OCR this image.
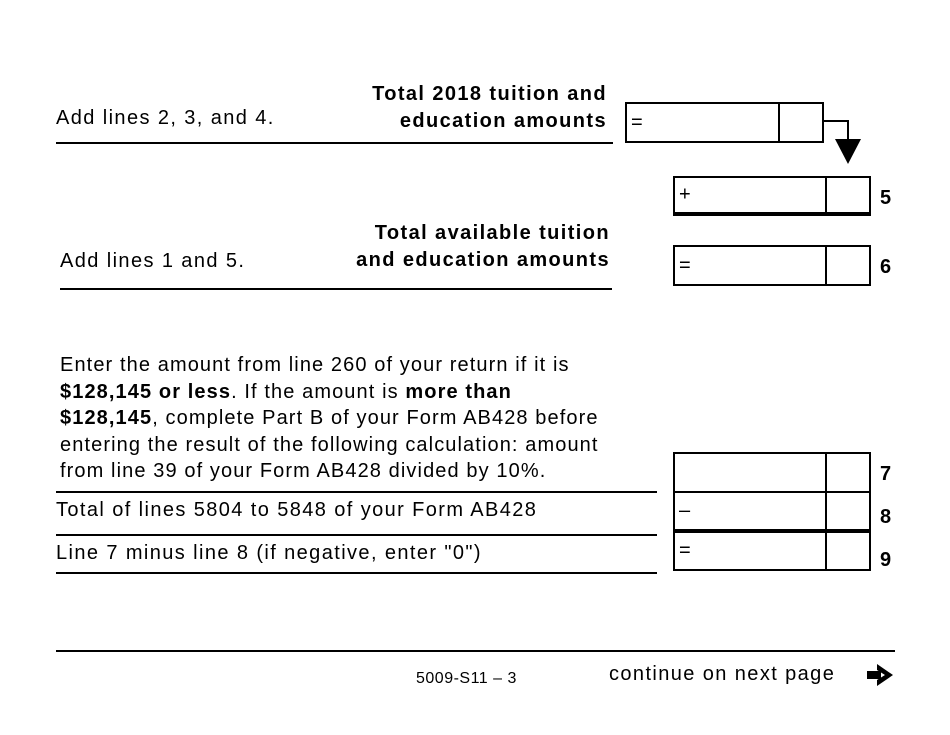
Add lines 2, 3, and 4.
Total 2018 tuition and
education amounts =
+	5
Add lines 1 and 5.
Total available tuition
and education amounts	=	6
Enter the amount from line 260 of your return if it is
$128,145 or less. If the amount is more than
$128,145, complete Part B of your Form AB428 before
entering the result of the following calculation: amount
from line 39 of your Form AB428 divided by 10%.	7
Total of lines 5804 to 5848 of your Form AB428	–	8
Line 7 minus line 8 (if negative, enter "0")	=	9
5009-S11 – 3	continue on next page
